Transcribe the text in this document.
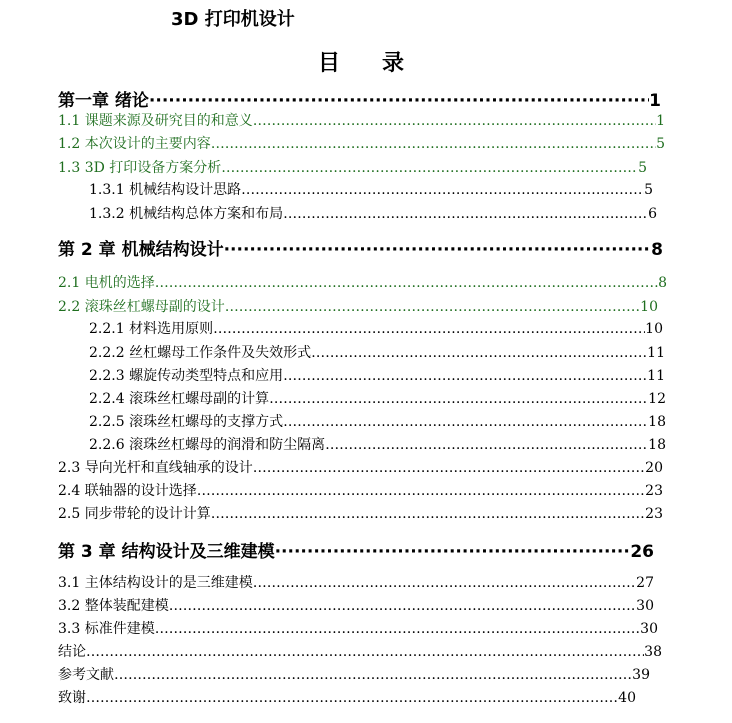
3D 打印机设计
目录
第一章 绪论 ·····	1
1.1 课题来源及研究目的和意义 ……………………………………………………………………………………………………………………………………………………………………	1
1.2 本次设计的主要内容 ……………………………………………………………………………………………………………………………………………………………………	5
1.3 3D 打印设备方案分析 ……………………………………………………………………………………………………………………………………………………………………	5
1.3.1 机械结构设计思路 ……………………………………………………………………………………………………………………………………………………………………	5
1.3.2 机械结构总体方案和布局 ……………………………………………………………………………………………………………………………………………………………………	6
第 2 章 机械结构设计 ·····	8
2.1 电机的选择 ……………………………………………………………………………………………………………………………………………………………………	8
2.2 滚珠丝杠螺母副的设计 ……………………………………………………………………………………………………………………………………………………………………	10
2.2.1 材料选用原则 ……………………………………………………………………………………………………………………………………………………………………	10
2.2.2 丝杠螺母工作条件及失效形式 ……………………………………………………………………………………………………………………………………………………………………	11
2.2.3 螺旋传动类型特点和应用 ……………………………………………………………………………………………………………………………………………………………………	11
2.2.4 滚珠丝杠螺母副的计算 ……………………………………………………………………………………………………………………………………………………………………	12
2.2.5 滚珠丝杠螺母的支撑方式 ……………………………………………………………………………………………………………………………………………………………………	18
2.2.6 滚珠丝杠螺母的润滑和防尘隔离 ……………………………………………………………………………………………………………………………………………………………………	18
2.3 导向光杆和直线轴承的设计 ……………………………………………………………………………………………………………………………………………………………………	20
2.4 联轴器的设计选择 ……………………………………………………………………………………………………………………………………………………………………	23
2.5 同步带轮的设计计算 ……………………………………………………………………………………………………………………………………………………………………	23
第 3 章 结构设计及三维建模 ·····	26
3.1 主体结构设计的是三维建模 ……………………………………………………………………………………………………………………………………………………………………	27
3.2 整体装配建模 ……………………………………………………………………………………………………………………………………………………………………	30
3.3 标准件建模 ……………………………………………………………………………………………………………………………………………………………………	30
结论 ……………………………………………………………………………………………………………………………………………………………………	38
参考文献 ……………………………………………………………………………………………………………………………………………………………………	39
致谢 ……………………………………………………………………………………………………………………………………………………………………	40
